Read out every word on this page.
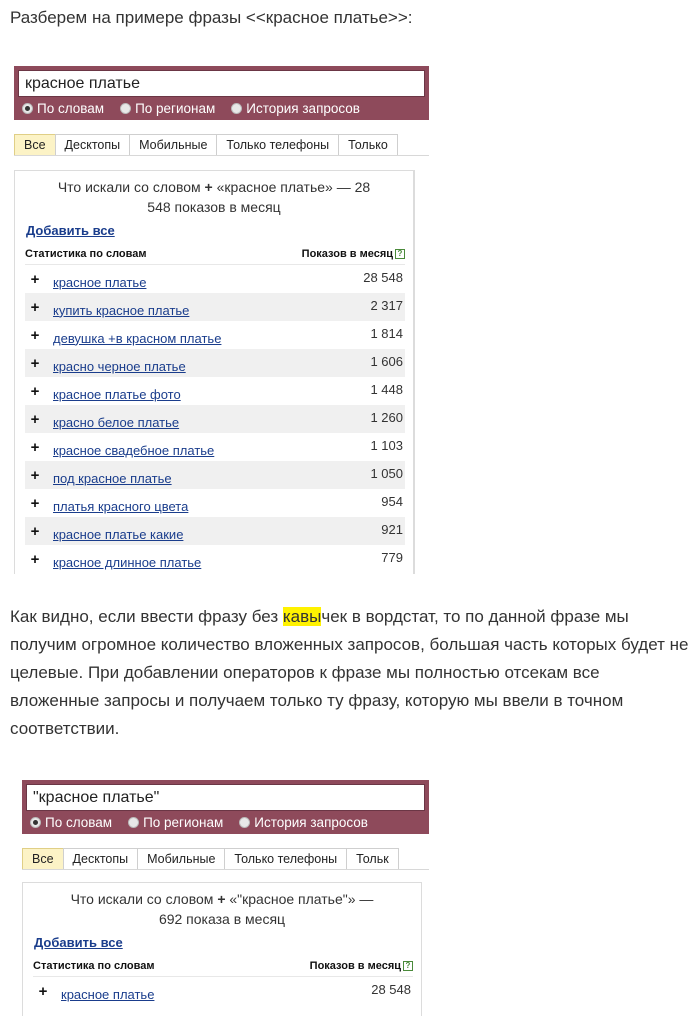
Разберем на примере фразы <<красное платье>>:
красное платье
По словам По регионам История запросов
Все	Десктопы	Мобильные	Только телефоны	Только
Что искали со словом + «красное платье» — 28 548 показов в месяц
Добавить все
Статистика по словам	Показов в месяц ?
+ красное платье	28 548
+ купить красное платье	2 317
+ девушка +в красном платье	1 814
+ красно черное платье	1 606
+ красное платье фото	1 448
+ красно белое платье	1 260
+ красное свадебное платье	1 103
+ под красное платье	1 050
+ платья красного цвета	954
+ красное платье какие	921
+ красное длинное платье	779
Как видно, если ввести фразу без кавычек в вордстат, то по данной фразе мы получим огромное количество вложенных запросов, большая часть которых будет не целевые. При добавлении операторов к фразе мы полностью отсекам все вложенные запросы и получаем только ту фразу, которую мы ввели в точном соответствии.
"красное платье"
По словам По регионам История запросов
Все	Десктопы	Мобильные	Только телефоны	Тольк
Что искали со словом + «"красное платье"» — 692 показа в месяц
Добавить все
Статистика по словам	Показов в месяц ?
+ красное платье	28 548
